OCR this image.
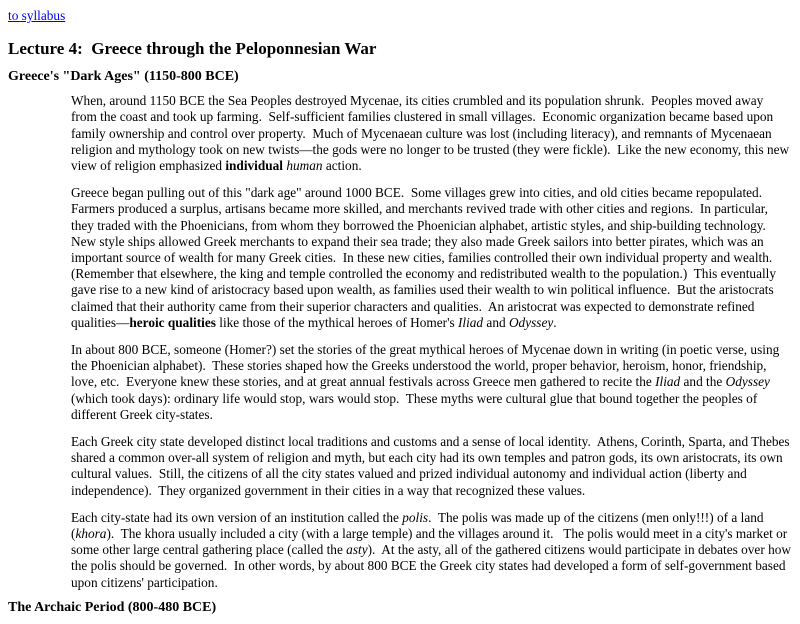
to syllabus
Lecture 4:  Greece through the Peloponnesian War
Greece's "Dark Ages" (1150-800 BCE)

When, around 1150 BCE the Sea Peoples destroyed Mycenae, its cities crumbled and its population shrunk.  Peoples moved away from the coast and took up farming.  Self-sufficient families clustered in small villages.  Economic organization became based upon family ownership and control over property.  Much of Mycenaean culture was lost (including literacy), and remnants of Mycenaean religion and mythology took on new twists—the gods were no longer to be trusted (they were fickle).  Like the new economy, this new view of religion emphasized individual human action.

Greece began pulling out of this "dark age" around 1000 BCE.  Some villages grew into cities, and old cities became repopulated.  Farmers produced a surplus, artisans became more skilled, and merchants revived trade with other cities and regions.  In particular, they traded with the Phoenicians, from whom they borrowed the Phoenician alphabet, artistic styles, and ship-building technology.  New style ships allowed Greek merchants to expand their sea trade; they also made Greek sailors into better pirates, which was an important source of wealth for many Greek cities.  In these new cities, families controlled their own individual property and wealth.  (Remember that elsewhere, the king and temple controlled the economy and redistributed wealth to the population.)  This eventually gave rise to a new kind of aristocracy based upon wealth, as families used their wealth to win political influence.  But the aristocrats claimed that their authority came from their superior characters and qualities.  An aristocrat was expected to demonstrate refined qualities—heroic qualities like those of the mythical heroes of Homer's Iliad and Odyssey.

In about 800 BCE, someone (Homer?) set the stories of the great mythical heroes of Mycenae down in writing (in poetic verse, using the Phoenician alphabet).  These stories shaped how the Greeks understood the world, proper behavior, heroism, honor, friendship, love, etc.  Everyone knew these stories, and at great annual festivals across Greece men gathered to recite the Iliad and the Odyssey (which took days): ordinary life would stop, wars would stop.  These myths were cultural glue that bound together the peoples of different Greek city-states.

Each Greek city state developed distinct local traditions and customs and a sense of local identity.  Athens, Corinth, Sparta, and Thebes shared a common over-all system of religion and myth, but each city had its own temples and patron gods, its own aristocrats, its own cultural values.  Still, the citizens of all the city states valued and prized individual autonomy and individual action (liberty and independence).  They organized government in their cities in a way that recognized these values.

Each city-state had its own version of an institution called the polis.  The polis was made up of the citizens (men only!!!) of a land (khora).  The khora usually included a city (with a large temple) and the villages around it.   The polis would meet in a city's market or some other large central gathering place (called the asty).  At the asty, all of the gathered citizens would participate in debates over how the polis should be governed.  In other words, by about 800 BCE the Greek city states had developed a form of self-government based upon citizens' participation.

The Archaic Period (800-480 BCE)
